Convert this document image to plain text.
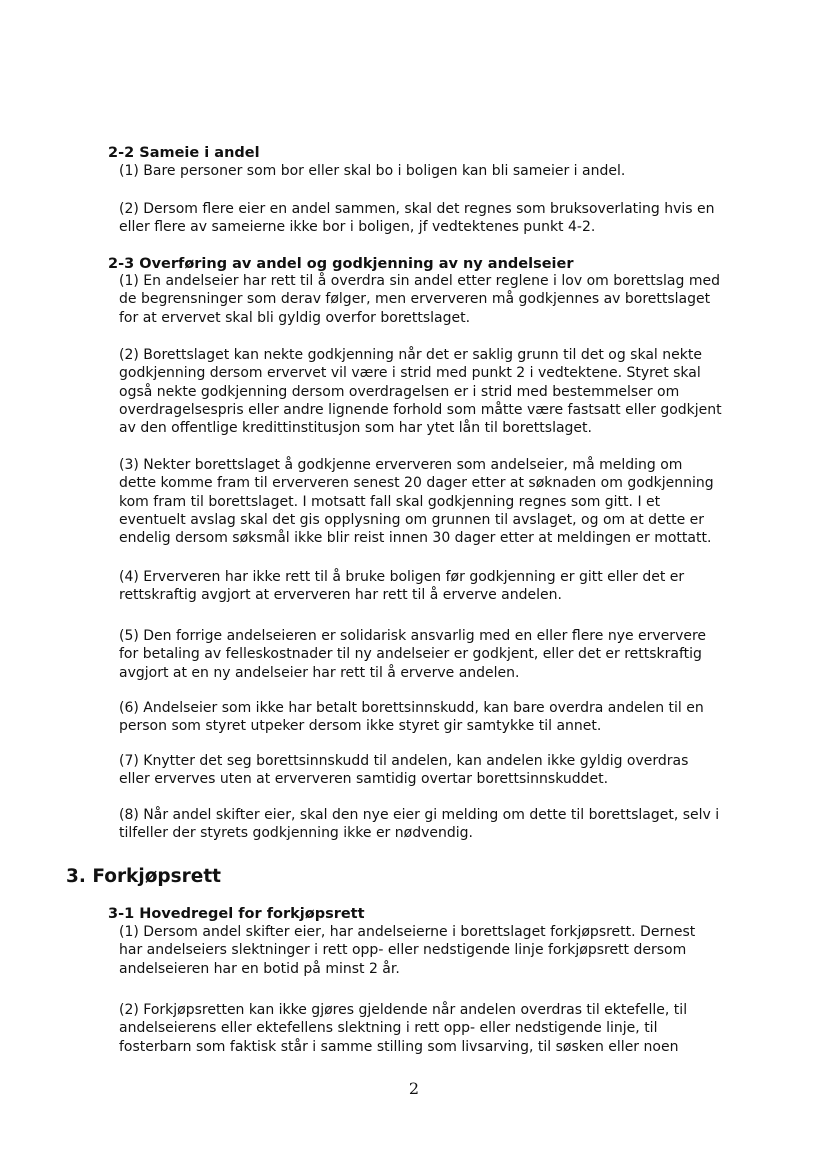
2-2 Sameie i andel
(1) Bare personer som bor eller skal bo i boligen kan bli sameier i andel.
(2) Dersom flere eier en andel sammen, skal det regnes som bruksoverlating hvis en
eller flere av sameierne ikke bor i boligen, jf vedtektenes punkt 4-2.
2-3 Overføring av andel og godkjenning av ny andelseier
(1) En andelseier har rett til å overdra sin andel etter reglene i lov om borettslag med
de begrensninger som derav følger, men erververen må godkjennes av borettslaget
for at ervervet skal bli gyldig overfor borettslaget.
(2) Borettslaget kan nekte godkjenning når det er saklig grunn til det og skal nekte
godkjenning dersom ervervet vil være i strid med punkt 2 i vedtektene. Styret skal
også nekte godkjenning dersom overdragelsen er i strid med bestemmelser om
overdragelsespris eller andre lignende forhold som måtte være fastsatt eller godkjent
av den offentlige kredittinstitusjon som har ytet lån til borettslaget.
(3) Nekter borettslaget å godkjenne erververen som andelseier, må melding om
dette komme fram til erververen senest 20 dager etter at søknaden om godkjenning
kom fram til borettslaget. I motsatt fall skal godkjenning regnes som gitt. I et
eventuelt avslag skal det gis opplysning om grunnen til avslaget, og om at dette er
endelig dersom søksmål ikke blir reist innen 30 dager etter at meldingen er mottatt.
(4) Erververen har ikke rett til å bruke boligen før godkjenning er gitt eller det er
rettskraftig avgjort at erververen har rett til å erverve andelen.
(5) Den forrige andelseieren er solidarisk ansvarlig med en eller flere nye erververe
for betaling av felleskostnader til ny andelseier er godkjent, eller det er rettskraftig
avgjort at en ny andelseier har rett til å erverve andelen.
(6) Andelseier som ikke har betalt borettsinnskudd, kan bare overdra andelen til en
person som styret utpeker dersom ikke styret gir samtykke til annet.
(7) Knytter det seg borettsinnskudd til andelen, kan andelen ikke gyldig overdras
eller erverves uten at erververen samtidig overtar borettsinnskuddet.
(8) Når andel skifter eier, skal den nye eier gi melding om dette til borettslaget, selv i
tilfeller der styrets godkjenning ikke er nødvendig.
3. Forkjøpsrett
3-1 Hovedregel for forkjøpsrett
(1) Dersom andel skifter eier, har andelseierne i borettslaget forkjøpsrett. Dernest
har andelseiers slektninger i rett opp- eller nedstigende linje forkjøpsrett dersom
andelseieren har en botid på minst 2 år.
(2) Forkjøpsretten kan ikke gjøres gjeldende når andelen overdras til ektefelle, til
andelseierens eller ektefellens slektning i rett opp- eller nedstigende linje, til
fosterbarn som faktisk står i samme stilling som livsarving, til søsken eller noen
2
